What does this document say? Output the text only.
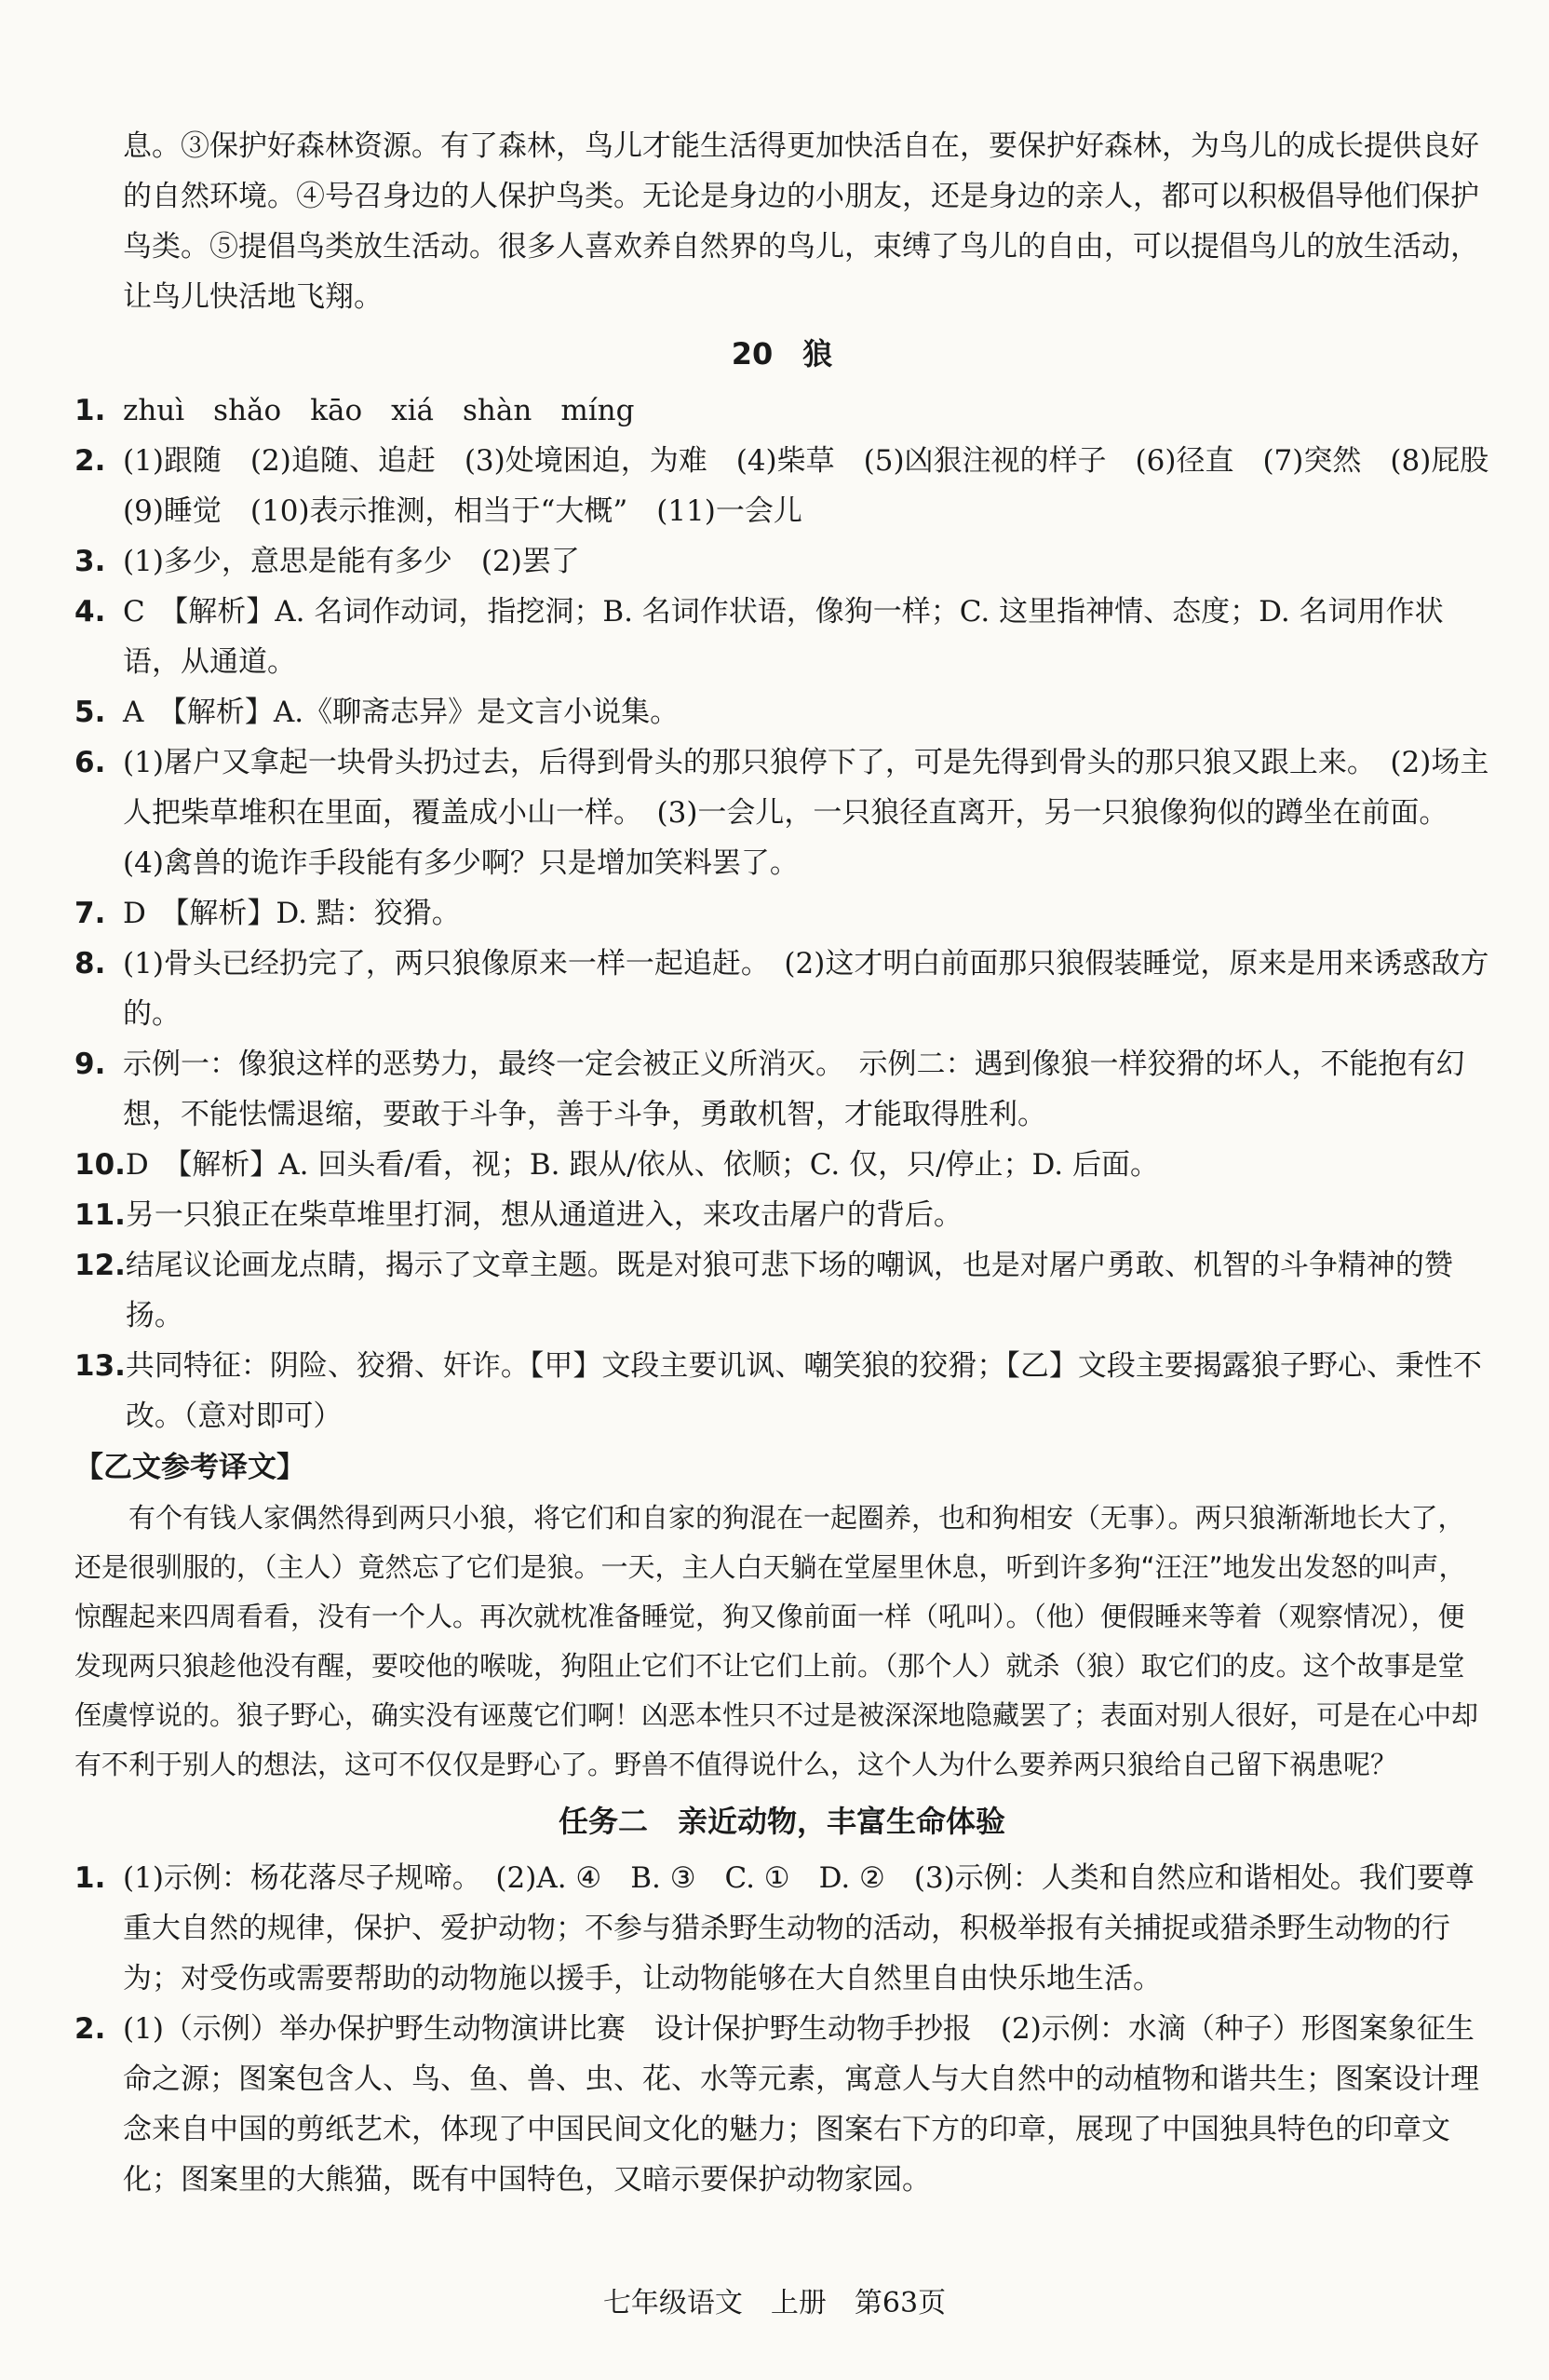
息。③保护好森林资源。有了森林，鸟儿才能生活得更加快活自在，要保护好森林，为鸟儿的成长提供良好的自然环境。④号召身边的人保护鸟类。无论是身边的小朋友，还是身边的亲人，都可以积极倡导他们保护鸟类。⑤提倡鸟类放生活动。很多人喜欢养自然界的鸟儿，束缚了鸟儿的自由，可以提倡鸟儿的放生活动，让鸟儿快活地飞翔。

20　狼
1. zhuì　shǎo　kāo　xiá　shàn　míng
2. (1)跟随　(2)追随、追赶　(3)处境困迫，为难　(4)柴草　(5)凶狠注视的样子　(6)径直　(7)突然　(8)屁股　(9)睡觉　(10)表示推测，相当于“大概”　(11)一会儿
3. (1)多少，意思是能有多少　(2)罢了
4. C　【解析】A. 名词作动词，指挖洞；B. 名词作状语，像狗一样；C. 这里指神情、态度；D. 名词用作状语，从通道。
5. A　【解析】A.《聊斋志异》是文言小说集。
6. (1)屠户又拿起一块骨头扔过去，后得到骨头的那只狼停下了，可是先得到骨头的那只狼又跟上来。　(2)场主人把柴草堆积在里面，覆盖成小山一样。　(3)一会儿，一只狼径直离开，另一只狼像狗似的蹲坐在前面。　(4)禽兽的诡诈手段能有多少啊？只是增加笑料罢了。
7. D　【解析】D. 黠：狡猾。
8. (1)骨头已经扔完了，两只狼像原来一样一起追赶。　(2)这才明白前面那只狼假装睡觉，原来是用来诱惑敌方的。
9. 示例一：像狼这样的恶势力，最终一定会被正义所消灭。　示例二：遇到像狼一样狡猾的坏人，不能抱有幻想，不能怯懦退缩，要敢于斗争，善于斗争，勇敢机智，才能取得胜利。
10. D　【解析】A. 回头看/看，视；B. 跟从/依从、依顺；C. 仅，只/停止；D. 后面。
11. 另一只狼正在柴草堆里打洞，想从通道进入，来攻击屠户的背后。
12. 结尾议论画龙点睛，揭示了文章主题。既是对狼可悲下场的嘲讽，也是对屠户勇敢、机智的斗争精神的赞扬。
13. 共同特征：阴险、狡猾、奸诈。【甲】文段主要讥讽、嘲笑狼的狡猾；【乙】文段主要揭露狼子野心、秉性不改。（意对即可）
【乙文参考译文】

有个有钱人家偶然得到两只小狼，将它们和自家的狗混在一起圈养，也和狗相安（无事）。两只狼渐渐地长大了，还是很驯服的，（主人）竟然忘了它们是狼。一天，主人白天躺在堂屋里休息，听到许多狗“汪汪”地发出发怒的叫声，惊醒起来四周看看，没有一个人。再次就枕准备睡觉，狗又像前面一样（吼叫）。（他）便假睡来等着（观察情况），便发现两只狼趁他没有醒，要咬他的喉咙，狗阻止它们不让它们上前。（那个人）就杀（狼）取它们的皮。这个故事是堂侄虞惇说的。狼子野心，确实没有诬蔑它们啊！凶恶本性只不过是被深深地隐藏罢了；表面对别人很好，可是在心中却有不利于别人的想法，这可不仅仅是野心了。野兽不值得说什么，这个人为什么要养两只狼给自己留下祸患呢？

任务二　亲近动物，丰富生命体验
1. (1)示例：杨花落尽子规啼。　(2)A. ④　B. ③　C. ①　D. ②　(3)示例：人类和自然应和谐相处。我们要尊重大自然的规律，保护、爱护动物；不参与猎杀野生动物的活动，积极举报有关捕捉或猎杀野生动物的行为；对受伤或需要帮助的动物施以援手，让动物能够在大自然里自由快乐地生活。
2. (1)（示例）举办保护野生动物演讲比赛　设计保护野生动物手抄报　(2)示例：水滴（种子）形图案象征生命之源；图案包含人、鸟、鱼、兽、虫、花、水等元素，寓意人与大自然中的动植物和谐共生；图案设计理念来自中国的剪纸艺术，体现了中国民间文化的魅力；图案右下方的印章，展现了中国独具特色的印章文化；图案里的大熊猫，既有中国特色，又暗示要保护动物家园。
七年级语文　上册　第63页
